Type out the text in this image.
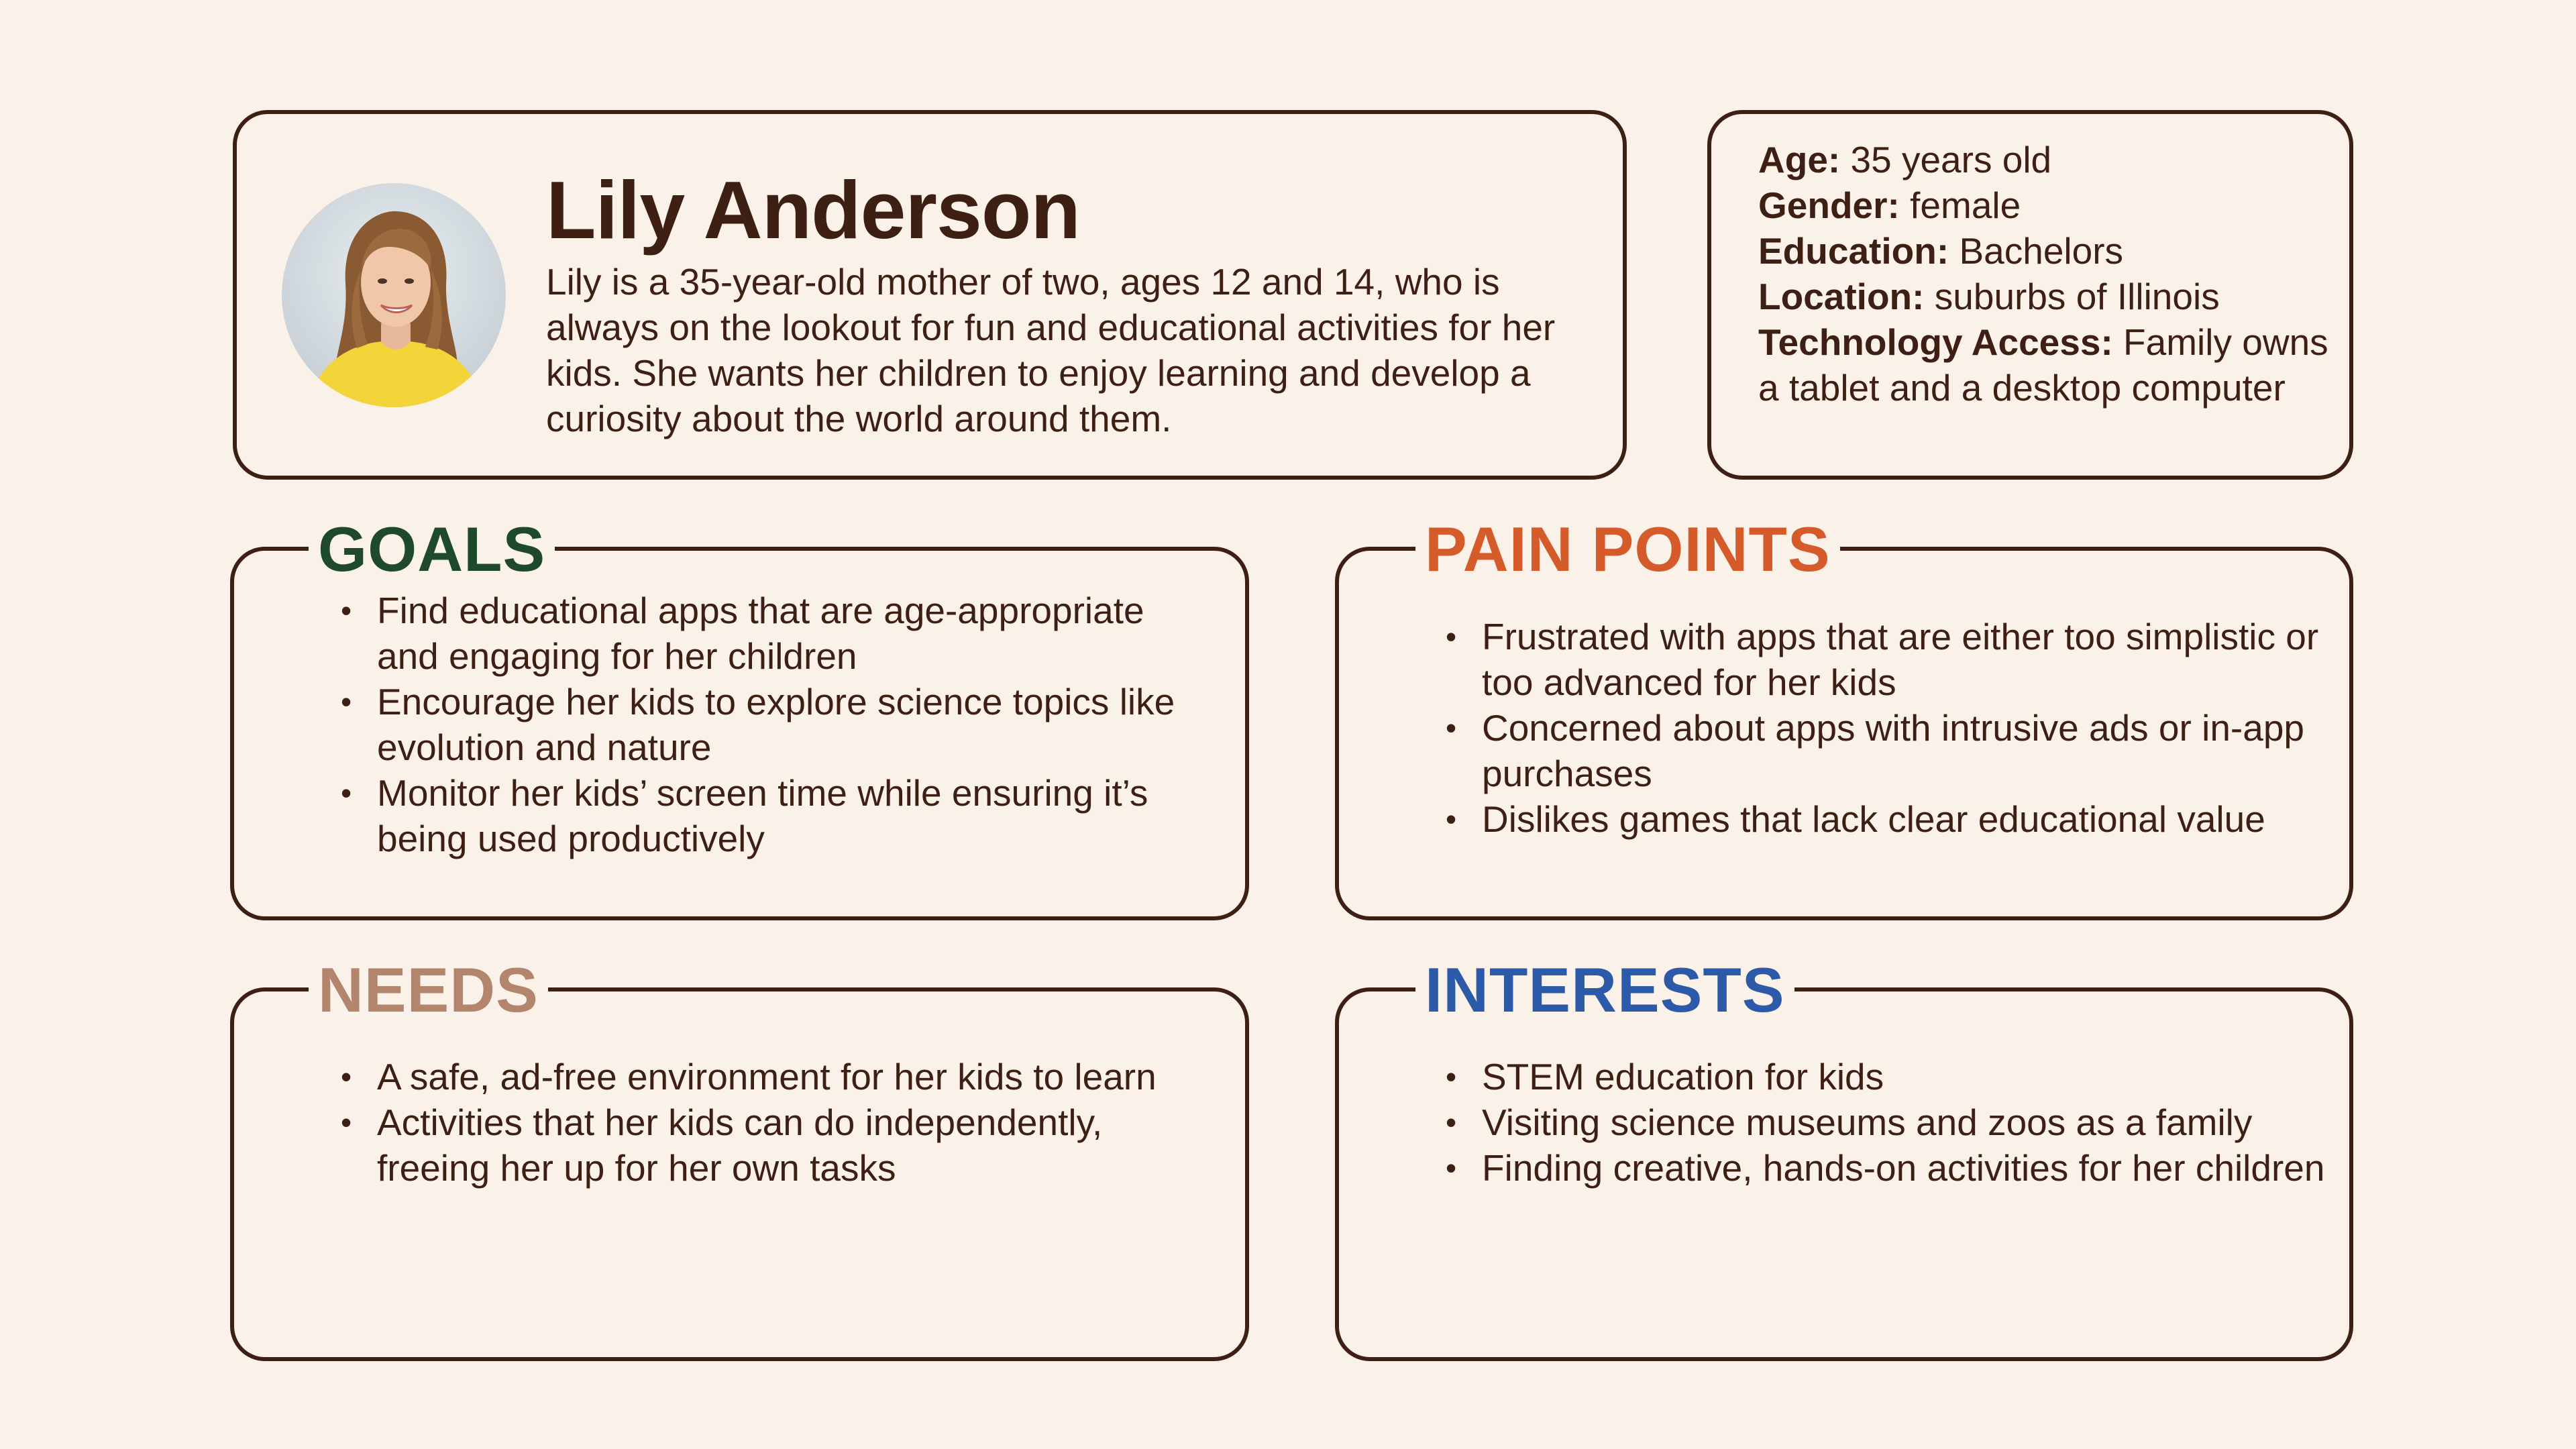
Lily Anderson

Lily is a 35-year-old mother of two, ages 12 and 14, who is always on the lookout for fun and educational activities for her kids. She wants her children to enjoy learning and develop a curiosity about the world around them.

Age: 35 years old
Gender: female
Education: Bachelors
Location: suburbs of Illinois
Technology Access: Family owns a tablet and a desktop computer
GOALS
• Find educational apps that are age-appropriate and engaging for her children
• Encourage her kids to explore science topics like evolution and nature
• Monitor her kids’ screen time while ensuring it’s being used productively
PAIN POINTS
• Frustrated with apps that are either too simplistic or too advanced for her kids
• Concerned about apps with intrusive ads or in-app purchases
• Dislikes games that lack clear educational value
NEEDS
• A safe, ad-free environment for her kids to learn
• Activities that her kids can do independently, freeing her up for her own tasks
INTERESTS
• STEM education for kids
• Visiting science museums and zoos as a family
• Finding creative, hands-on activities for her children
